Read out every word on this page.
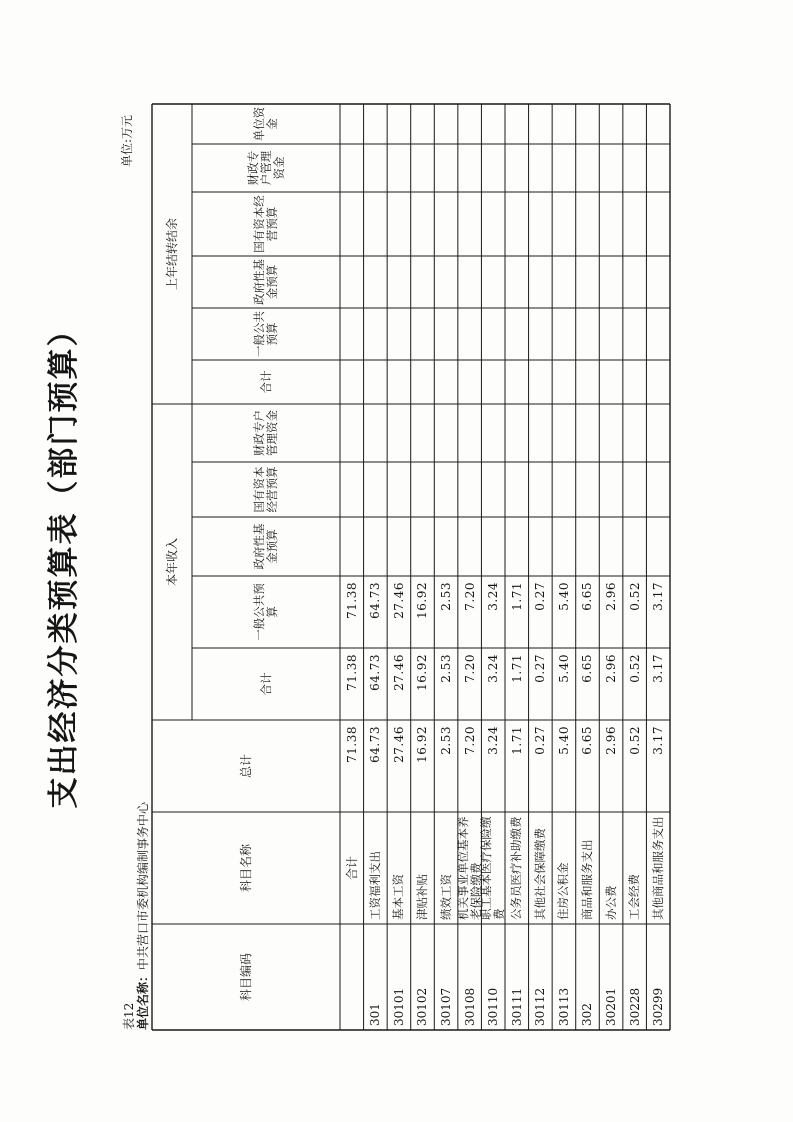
支出经济分类预算表（部门预算）
表12 单位名称：中共营口市委机构编制事务中心
单位:万元
科目编码
科目名称
总计
本年收入
上年结转结余
合计
一般公共预算
政府性基金预算
国有资本经营预算
财政专户管理资金
合计
一般公共预算
政府性基金预算
国有资本经营预算
财政专户管理资金
单位资金
合计
71.38
71.38
71.38
301
工资福利支出
64.73
64.73
64.73
30101
基本工资
27.46
27.46
27.46
30102
津贴补贴
16.92
16.92
16.92
30107
绩效工资
2.53
2.53
2.53
30108
机关事业单位基本养老保险缴费
7.20
7.20
7.20
30110
职工基本医疗保险缴费
3.24
3.24
3.24
30111
公务员医疗补助缴费
1.71
1.71
1.71
30112
其他社会保障缴费
0.27
0.27
0.27
30113
住房公积金
5.40
5.40
5.40
302
商品和服务支出
6.65
6.65
6.65
30201
办公费
2.96
2.96
2.96
30228
工会经费
0.52
0.52
0.52
30299
其他商品和服务支出
3.17
3.17
3.17
